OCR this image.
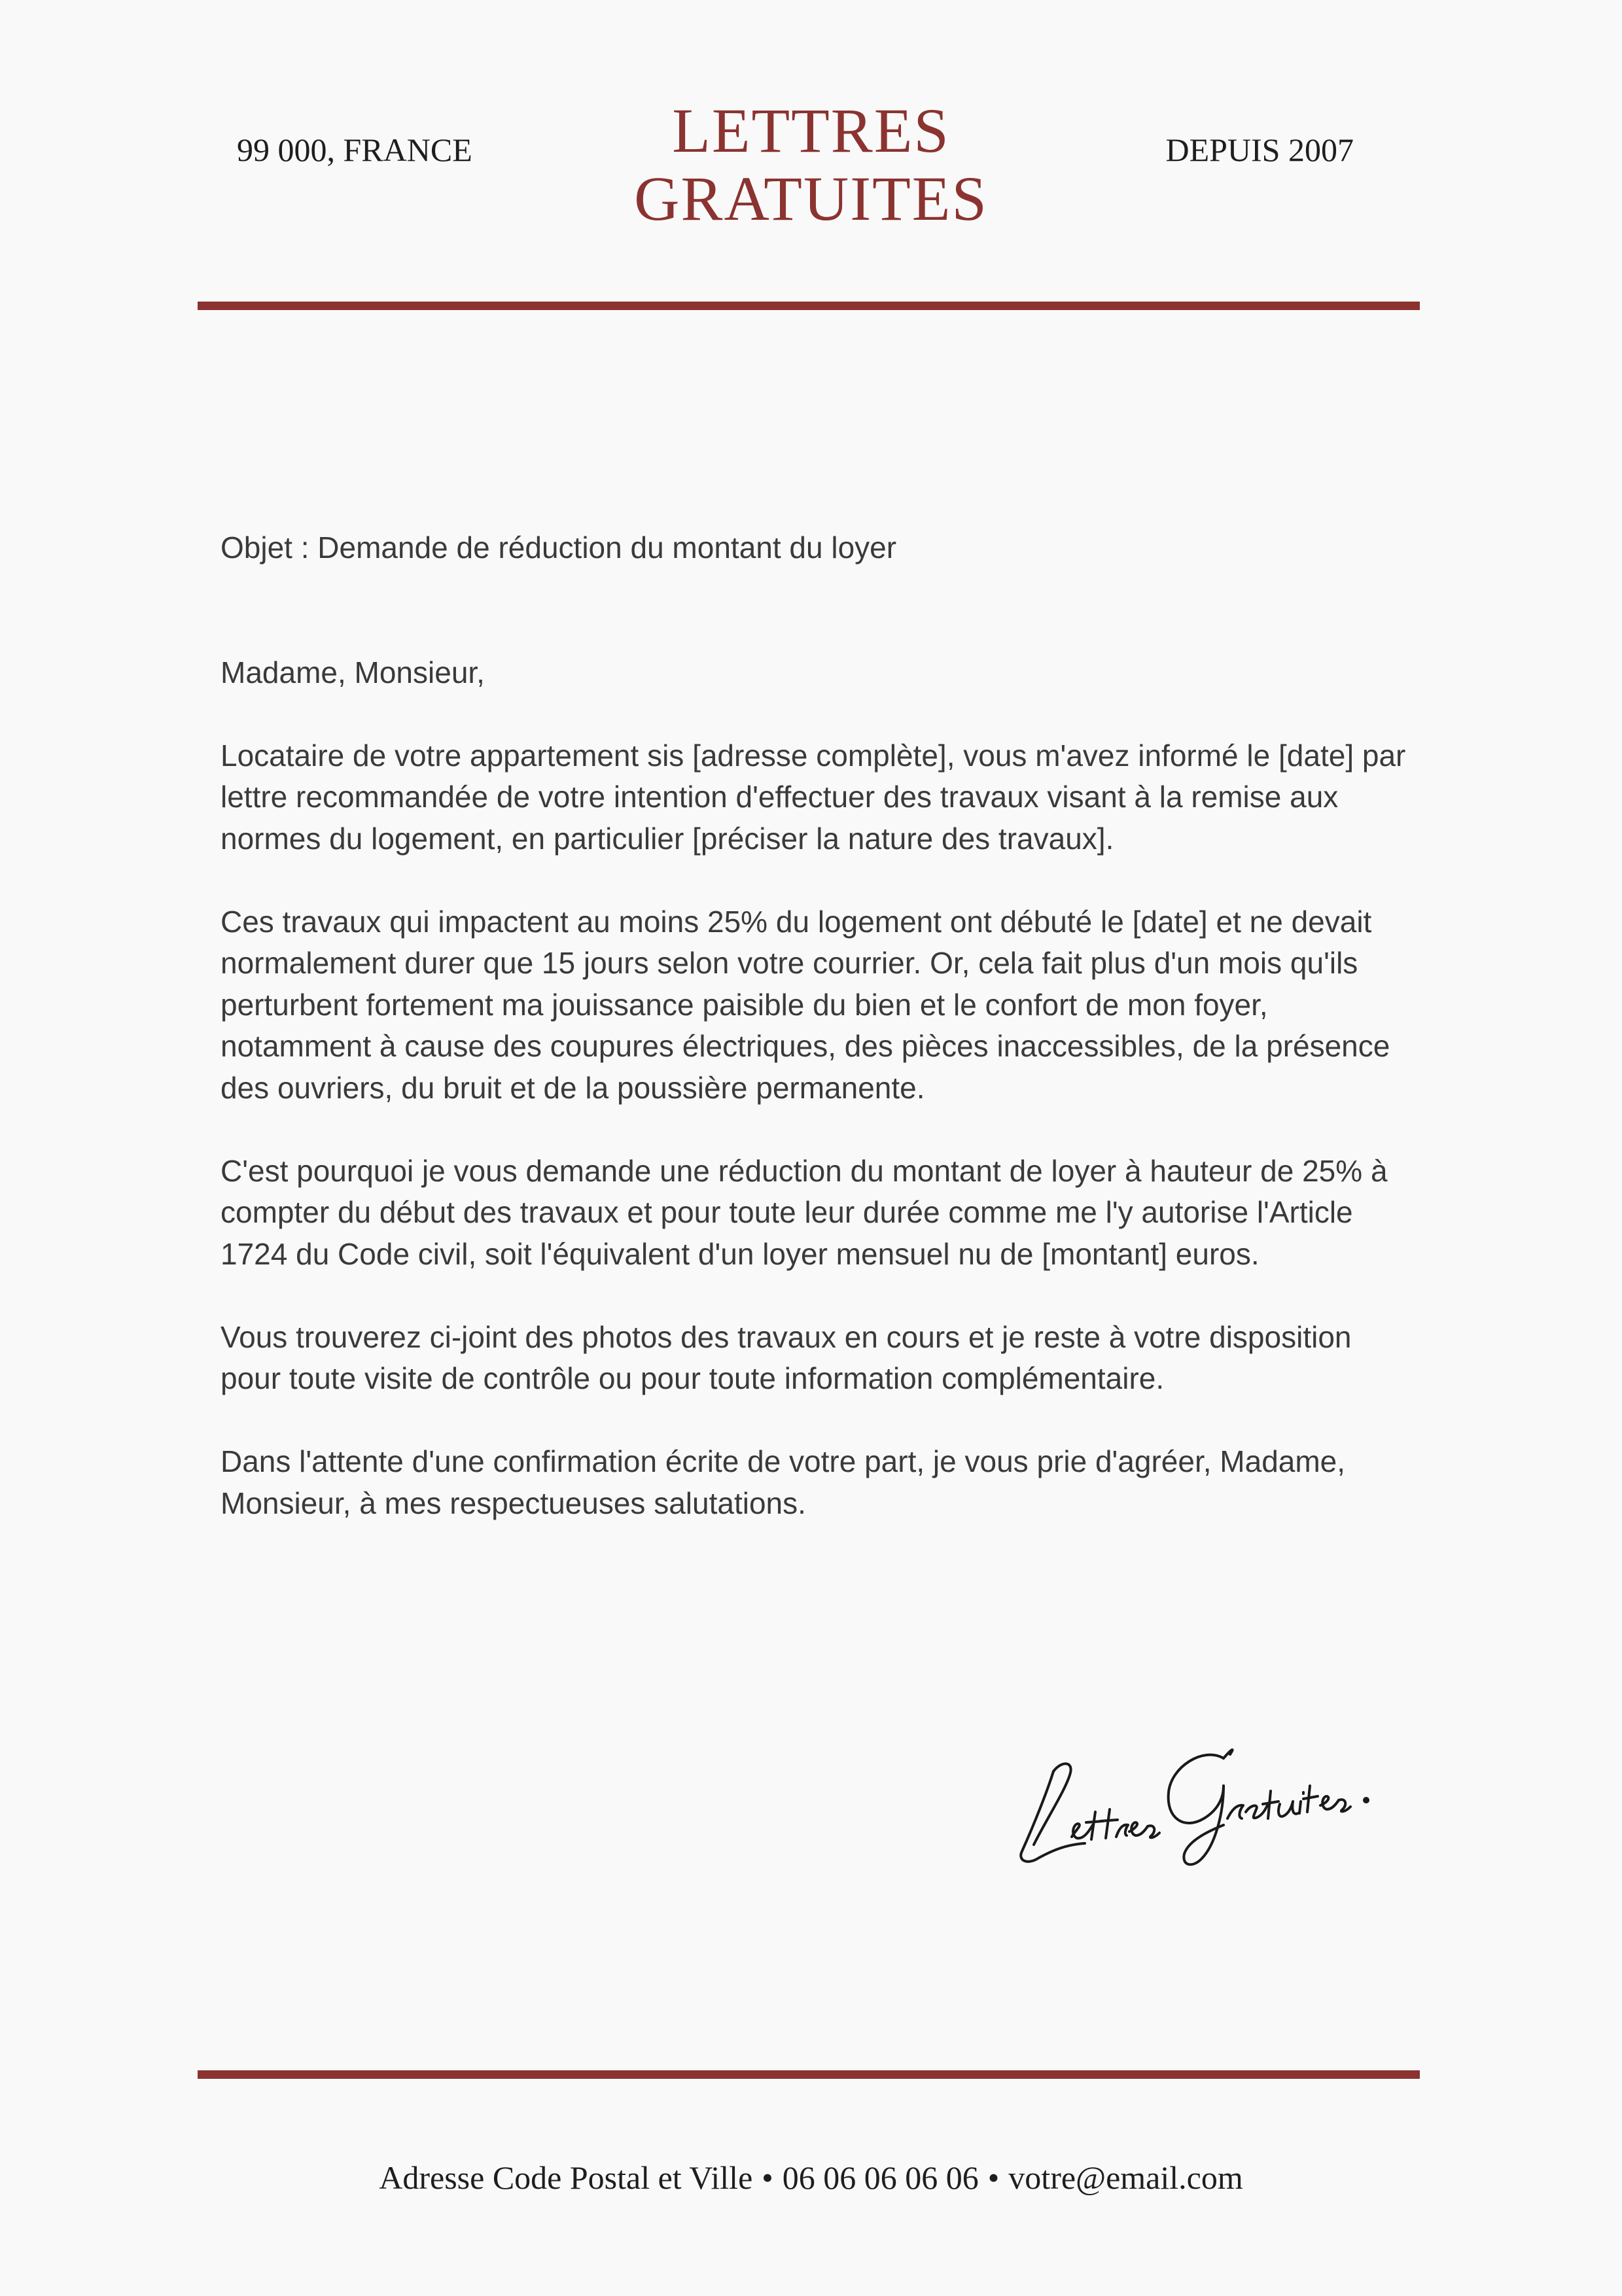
99 000, FRANCE	LETTRES
GRATUITES
DEPUIS 2007

Objet : Demande de réduction du montant du loyer

Madame, Monsieur,

Locataire de votre appartement sis [adresse complète], vous m'avez informé le [date] par lettre recommandée de votre intention d'effectuer des travaux visant à la remise aux normes du logement, en particulier [préciser la nature des travaux].

Ces travaux qui impactent au moins 25% du logement ont débuté le [date] et ne devait normalement durer que 15 jours selon votre courrier. Or, cela fait plus d'un mois qu'ils perturbent fortement ma jouissance paisible du bien et le confort de mon foyer, notamment à cause des coupures électriques, des pièces inaccessibles, de la présence des ouvriers, du bruit et de la poussière permanente.

C'est pourquoi je vous demande une réduction du montant de loyer à hauteur de 25% à compter du début des travaux et pour toute leur durée comme me l'y autorise l'Article 1724 du Code civil, soit l'équivalent d'un loyer mensuel nu de [montant] euros.

Vous trouverez ci-joint des photos des travaux en cours et je reste à votre disposition pour toute visite de contrôle ou pour toute information complémentaire.

Dans l'attente d'une confirmation écrite de votre part, je vous prie d'agréer, Madame, Monsieur, à mes respectueuses salutations.

Adresse Code Postal et Ville • 06 06 06 06 06 • votre@email.com
